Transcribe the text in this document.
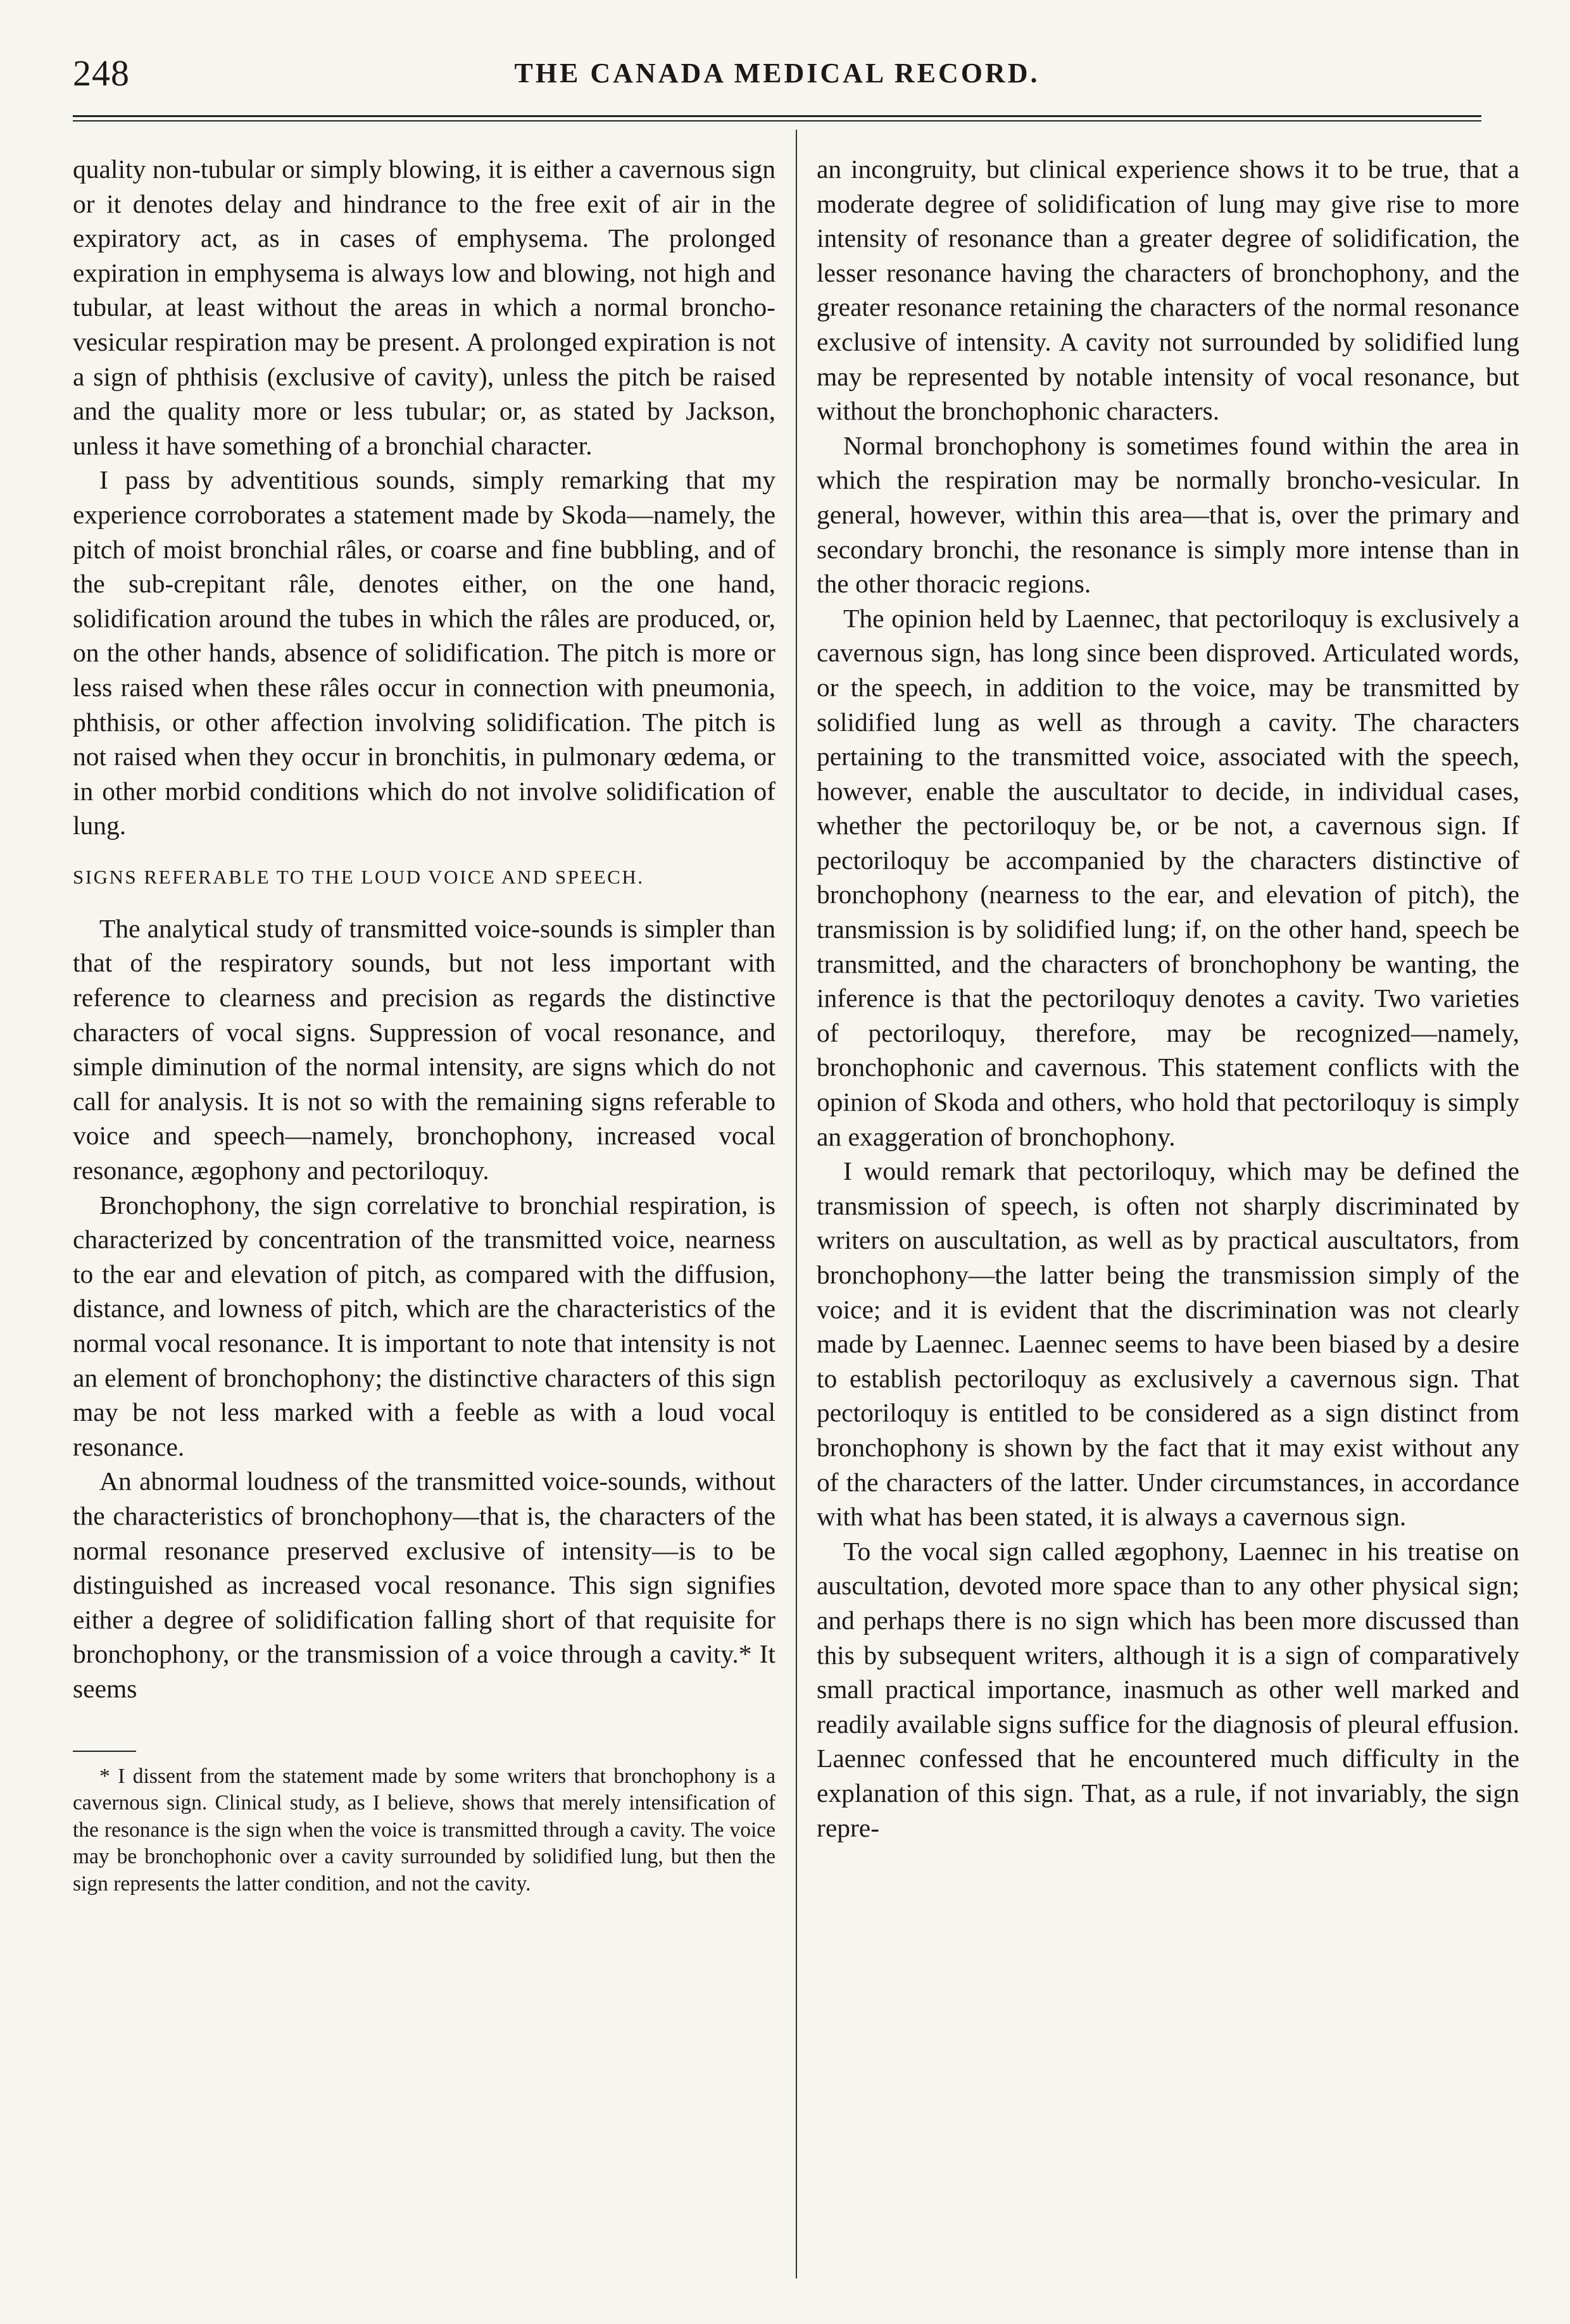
248	THE CANADA MEDICAL RECORD.

quality non-tubular or simply blowing, it is either a cavernous sign or it denotes delay and hindrance to the free exit of air in the expiratory act, as in cases of emphysema. The prolonged expiration in emphysema is always low and blowing, not high and tubular, at least without the areas in which a normal broncho-vesicular respiration may be present. A prolonged expiration is not a sign of phthisis (exclusive of cavity), unless the pitch be raised and the quality more or less tubular; or, as stated by Jackson, unless it have something of a bronchial character.

I pass by adventitious sounds, simply remarking that my experience corroborates a statement made by Skoda—namely, the pitch of moist bronchial râles, or coarse and fine bubbling, and of the sub-crepitant râle, denotes either, on the one hand, solidification around the tubes in which the râles are produced, or, on the other hands, absence of solidification. The pitch is more or less raised when these râles occur in connection with pneumonia, phthisis, or other affection involving solidification. The pitch is not raised when they occur in bronchitis, in pulmonary œdema, or in other morbid conditions which do not involve solidification of lung.

SIGNS REFERABLE TO THE LOUD VOICE AND SPEECH.

The analytical study of transmitted voice-sounds is simpler than that of the respiratory sounds, but not less important with reference to clearness and precision as regards the distinctive characters of vocal signs. Suppression of vocal resonance, and simple diminution of the normal intensity, are signs which do not call for analysis. It is not so with the remaining signs referable to voice and speech—namely, bronchophony, increased vocal resonance, ægophony and pectoriloquy.

Bronchophony, the sign correlative to bronchial respiration, is characterized by concentration of the transmitted voice, nearness to the ear and elevation of pitch, as compared with the diffusion, distance, and lowness of pitch, which are the characteristics of the normal vocal resonance. It is important to note that intensity is not an element of bronchophony; the distinctive characters of this sign may be not less marked with a feeble as with a loud vocal resonance.

An abnormal loudness of the transmitted voice-sounds, without the characteristics of bronchophony—that is, the characters of the normal resonance preserved exclusive of intensity—is to be distinguished as increased vocal resonance. This sign signifies either a degree of solidification falling short of that requisite for bronchophony, or the transmission of a voice through a cavity.* It seems

* I dissent from the statement made by some writers that bronchophony is a cavernous sign. Clinical study, as I believe, shows that merely intensification of the resonance is the sign when the voice is transmitted through a cavity. The voice may be bronchophonic over a cavity surrounded by solidified lung, but then the sign represents the latter condition, and not the cavity.

an incongruity, but clinical experience shows it to be true, that a moderate degree of solidification of lung may give rise to more intensity of resonance than a greater degree of solidification, the lesser resonance having the characters of bronchophony, and the greater resonance retaining the characters of the normal resonance exclusive of intensity. A cavity not surrounded by solidified lung may be represented by notable intensity of vocal resonance, but without the bronchophonic characters.

Normal bronchophony is sometimes found within the area in which the respiration may be normally broncho-vesicular. In general, however, within this area—that is, over the primary and secondary bronchi, the resonance is simply more intense than in the other thoracic regions.

The opinion held by Laennec, that pectoriloquy is exclusively a cavernous sign, has long since been disproved. Articulated words, or the speech, in addition to the voice, may be transmitted by solidified lung as well as through a cavity. The characters pertaining to the transmitted voice, associated with the speech, however, enable the auscultator to decide, in individual cases, whether the pectoriloquy be, or be not, a cavernous sign. If pectoriloquy be accompanied by the characters distinctive of bronchophony (nearness to the ear, and elevation of pitch), the transmission is by solidified lung; if, on the other hand, speech be transmitted, and the characters of bronchophony be wanting, the inference is that the pectoriloquy denotes a cavity. Two varieties of pectoriloquy, therefore, may be recognized—namely, bronchophonic and cavernous. This statement conflicts with the opinion of Skoda and others, who hold that pectoriloquy is simply an exaggeration of bronchophony.

I would remark that pectoriloquy, which may be defined the transmission of speech, is often not sharply discriminated by writers on auscultation, as well as by practical auscultators, from bronchophony—the latter being the transmission simply of the voice; and it is evident that the discrimination was not clearly made by Laennec. Laennec seems to have been biased by a desire to establish pectoriloquy as exclusively a cavernous sign. That pectoriloquy is entitled to be considered as a sign distinct from bronchophony is shown by the fact that it may exist without any of the characters of the latter. Under circumstances, in accordance with what has been stated, it is always a cavernous sign.

To the vocal sign called ægophony, Laennec in his treatise on auscultation, devoted more space than to any other physical sign; and perhaps there is no sign which has been more discussed than this by subsequent writers, although it is a sign of comparatively small practical importance, inasmuch as other well marked and readily available signs suffice for the diagnosis of pleural effusion. Laennec confessed that he encountered much difficulty in the explanation of this sign. That, as a rule, if not invariably, the sign repre-
